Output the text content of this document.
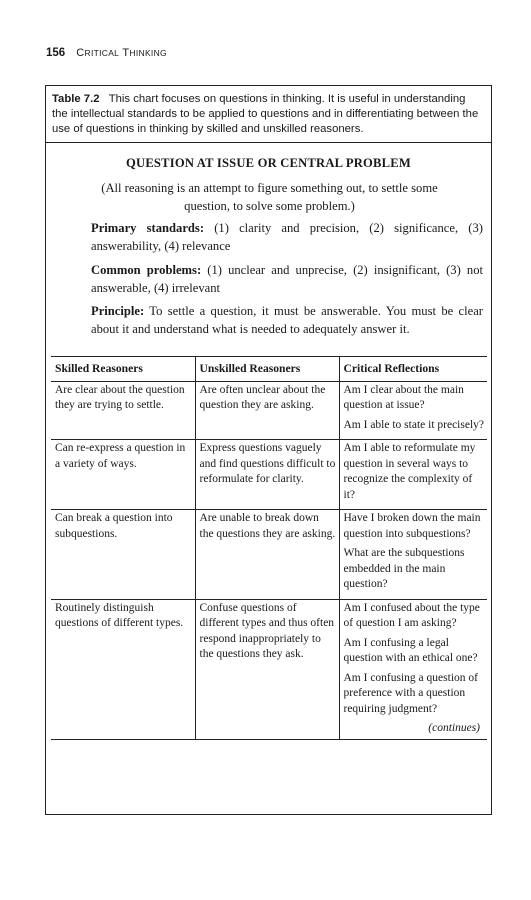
156 CRITICAL THINKING
Table 7.2 This chart focuses on questions in thinking. It is useful in understanding the intellectual standards to be applied to questions and in differentiating between the use of questions in thinking by skilled and unskilled reasoners.
QUESTION AT ISSUE OR CENTRAL PROBLEM
(All reasoning is an attempt to figure something out, to settle some question, to solve some problem.)
Primary standards: (1) clarity and precision, (2) significance, (3) answerability, (4) relevance
Common problems: (1) unclear and unprecise, (2) insignificant, (3) not answerable, (4) irrelevant
Principle: To settle a question, it must be answerable. You must be clear about it and understand what is needed to adequately answer it.
Skilled Reasoners	Unskilled Reasoners	Critical Reflections
Are clear about the question they are trying to settle.	Are often unclear about the question they are asking.	Am I clear about the main question at issue?

Am I able to state it precisely?

Can re-express a question in a variety of ways.	Express questions vaguely and find questions difficult to reformulate for clarity.	Am I able to reformulate my question in several ways to recognize the complexity of it?

Can break a question into subquestions.	Are unable to break down the questions they are asking.	Have I broken down the main question into subquestions?

What are the subquestions embedded in the main question?

Routinely distinguish questions of different types.	Confuse questions of different types and thus often respond inappropriately to the questions they ask.	Am I confused about the type of question I am asking?

Am I confusing a legal question with an ethical one?

Am I confusing a question of preference with a question requiring judgment?

(continues)
